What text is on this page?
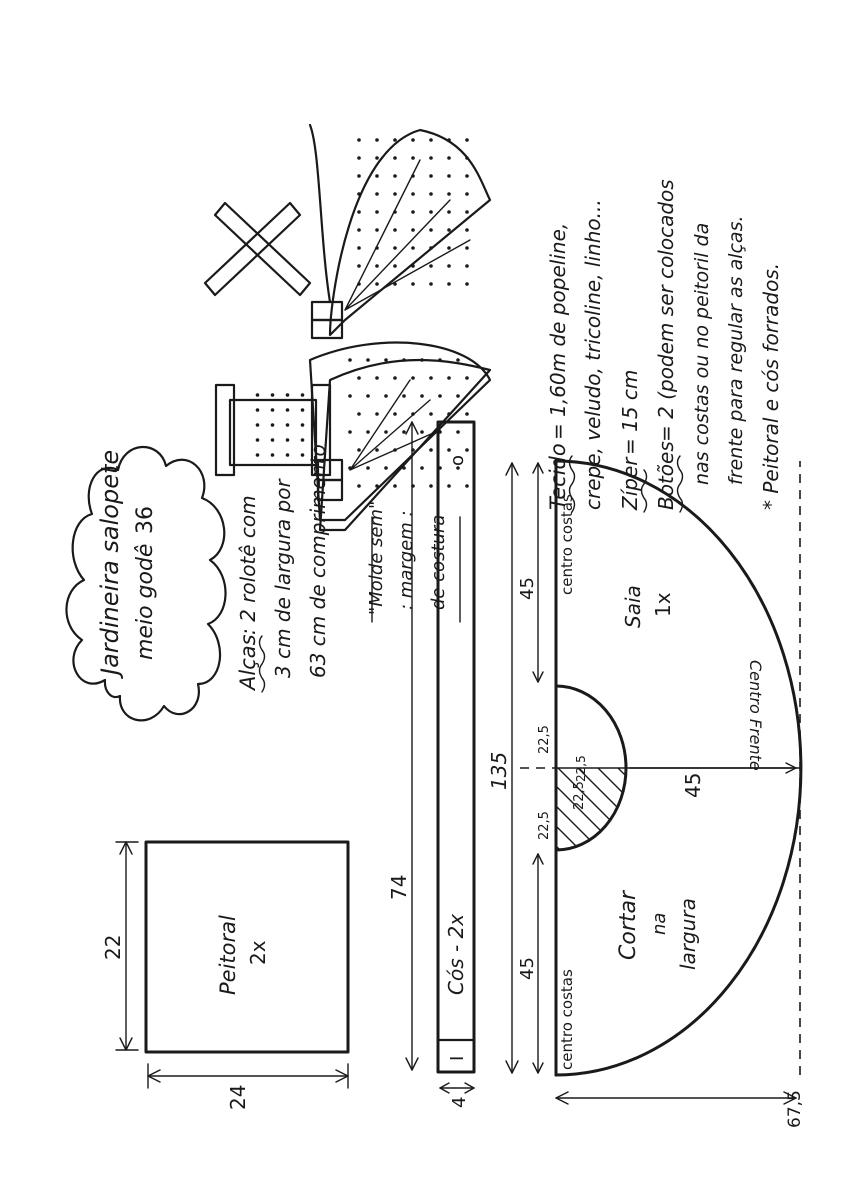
Jardineira salopete meio godê
36
Alças
: 2 rolotê com 3 cm de largura por 63 cm de comprimento "Molde sem" : margem : de costura
Peitoral 2x
22
24
I
o
Cós - 2x
74
4
135
45
45
22,5
22,5
22,5
22,5
45
67,5
centro costas
centro costas
Centro Frente
Saia 1x
Cortar na largura
Tecido
= 1,60m de popeline, crepe, veludo, tricoline, linho... Zíper
= 15 cm
Botões
= 2 (podem ser colocados nas costas ou no peitoril da frente para regular as alças. * Peitoral e cós forrados.
